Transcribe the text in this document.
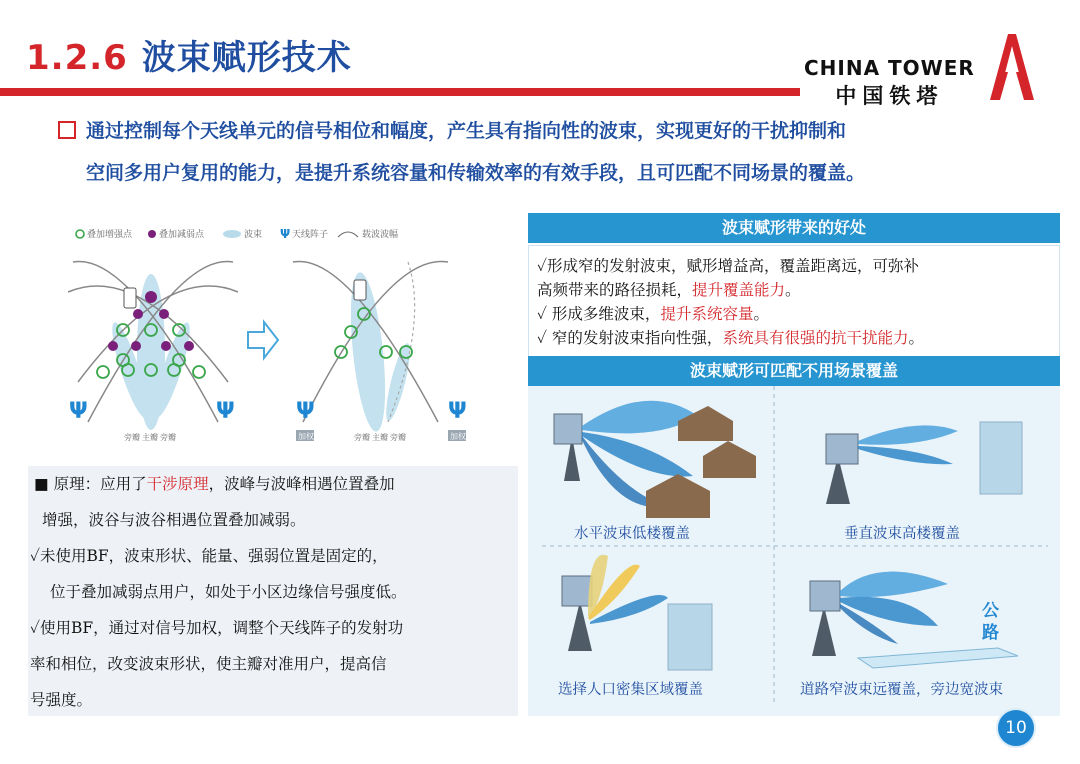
1.2.6 波束赋形技术	CHINA TOWER
中国铁塔
通过控制每个天线单元的信号相位和幅度，产生具有指向性的波束，实现更好的干扰抑制和
空间多用户复用的能力，是提升系统容量和传输效率的有效手段，且可匹配不同场景的覆盖。
叠加增强点	叠加减弱点	波束 Ψ 天线阵子	载波波幅
Ψ	Ψ
旁瓣 主瓣 旁瓣
Ψ	Ψ
加权	加权
旁瓣 主瓣 旁瓣
■ 原理：应用了干涉原理，波峰与波峰相遇位置叠加
增强，波谷与波谷相遇位置叠加减弱。
✓未使用BF，波束形状、能量、强弱位置是固定的，
位于叠加减弱点用户，如处于小区边缘信号强度低。
✓使用BF，通过对信号加权，调整个天线阵子的发射功
率和相位，改变波束形状，使主瓣对准用户，提高信
号强度。
波束赋形带来的好处
✓形成窄的发射波束，赋形增益高，覆盖距离远，可弥补
高频带来的路径损耗，提升覆盖能力。
✓ 形成多维波束，提升系统容量。
✓ 窄的发射波束指向性强，系统具有很强的抗干扰能力。
波束赋形可匹配不用场景覆盖
水平波束低楼覆盖	垂直波束高楼覆盖
选择人口密集区域覆盖	道路窄波束远覆盖，旁边宽波束
公
路
10
